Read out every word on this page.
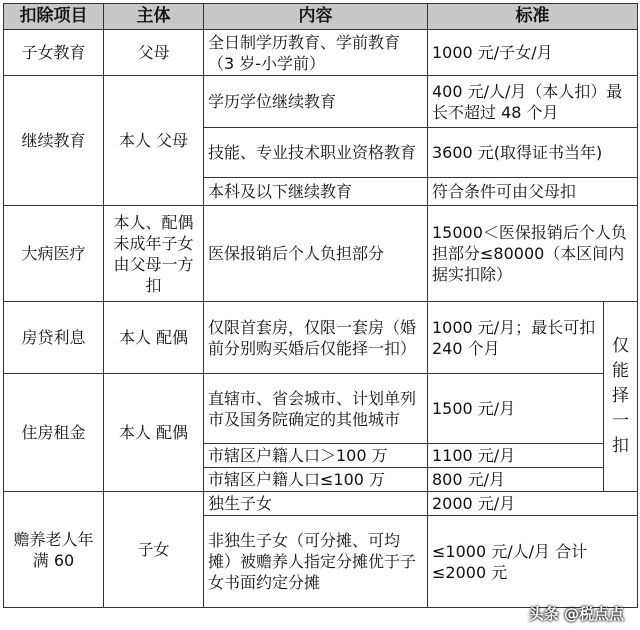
扣除项目	主体	内容	标准	
子女教育	父母	全日制学历教育、学前教育（3 岁-小学前）	1000 元/子女/月	
继续教育	本人 父母	学历学位继续教育	400 元/人/月（本人扣）最长不超过 48 个月	
		技能、专业技术职业资格教育	3600 元(取得证书当年)	
		本科及以下继续教育	符合条件可由父母扣	
大病医疗	本人、配偶未成年子女由父母一方扣	医保报销后个人负担部分	15000＜医保报销后个人负担部分≤80000（本区间内据实扣除）	
房贷利息	本人 配偶	仅限首套房，仅限一套房（婚前分别购买婚后仅能择一扣）	1000 元/月；最长可扣 240 个月	仅能择一扣
住房租金	本人 配偶	直辖市、省会城市、计划单列市及国务院确定的其他城市	1500 元/月	
		市辖区户籍人口＞100 万	1100 元/月	
		市辖区户籍人口≤100 万	800 元/月	
赡养老人年满 60	子女	独生子女	2000 元/月	
		非独生子女（可分摊、可均摊）被赡养人指定分摊优于子女书面约定分摊	≤1000 元/人/月 合计≤2000 元	
头条 @税点点
